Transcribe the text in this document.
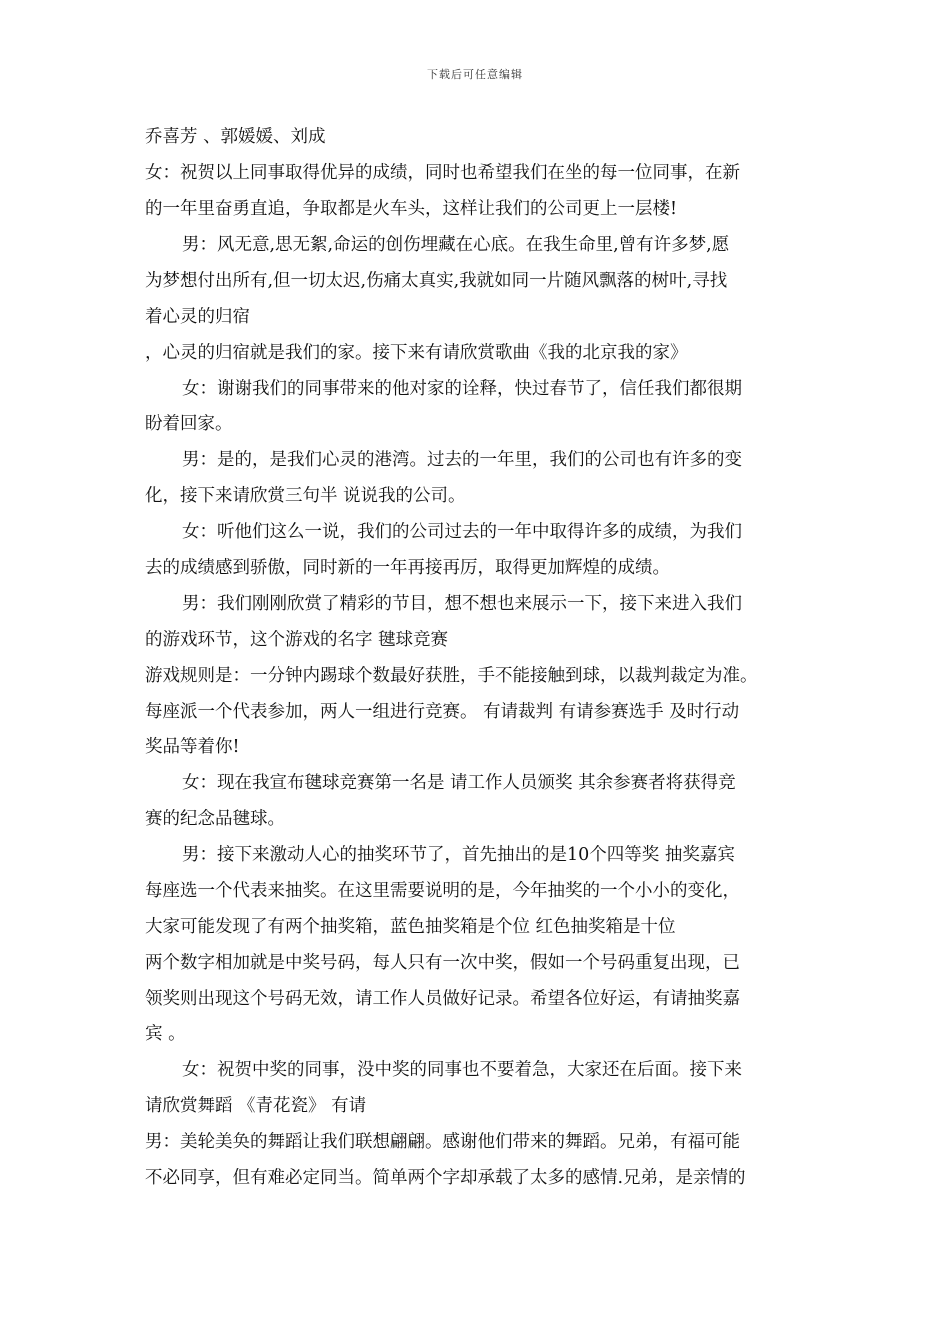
下载后可任意编辑
乔喜芳 、郭媛媛、刘成
女：祝贺以上同事取得优异的成绩，同时也希望我们在坐的每一位同事，在新
的一年里奋勇直追，争取都是火车头，这样让我们的公司更上一层楼!
男：风无意,思无絮,命运的创伤埋藏在心底。在我生命里,曾有许多梦,愿
为梦想付出所有,但一切太迟,伤痛太真实,我就如同一片随风飘落的树叶,寻找
着心灵的归宿
，心灵的归宿就是我们的家。接下来有请欣赏歌曲《我的北京我的家》
女：谢谢我们的同事带来的他对家的诠释，快过春节了，信任我们都很期
盼着回家。
男：是的，是我们心灵的港湾。过去的一年里，我们的公司也有许多的变
化，接下来请欣赏三句半 说说我的公司。
女：听他们这么一说，我们的公司过去的一年中取得许多的成绩，为我们
去的成绩感到骄傲，同时新的一年再接再厉，取得更加辉煌的成绩。
男：我们刚刚欣赏了精彩的节目，想不想也来展示一下，接下来进入我们
的游戏环节，这个游戏的名字 毽球竞赛
游戏规则是：一分钟内踢球个数最好获胜，手不能接触到球，以裁判裁定为准。
每座派一个代表参加，两人一组进行竞赛。 有请裁判 有请参赛选手 及时行动
奖品等着你!
女：现在我宣布毽球竞赛第一名是 请工作人员颁奖 其余参赛者将获得竞
赛的纪念品毽球。
男：接下来激动人心的抽奖环节了，首先抽出的是10个四等奖 抽奖嘉宾
每座选一个代表来抽奖。在这里需要说明的是，今年抽奖的一个小小的变化，
大家可能发现了有两个抽奖箱，蓝色抽奖箱是个位 红色抽奖箱是十位
两个数字相加就是中奖号码，每人只有一次中奖，假如一个号码重复出现，已
领奖则出现这个号码无效，请工作人员做好记录。希望各位好运，有请抽奖嘉
宾 。
女：祝贺中奖的同事，没中奖的同事也不要着急，大家还在后面。接下来
请欣赏舞蹈 《青花瓷》 有请
男：美轮美奂的舞蹈让我们联想翩翩。感谢他们带来的舞蹈。兄弟，有福可能
不必同享，但有难必定同当。简单两个字却承载了太多的感情.兄弟，是亲情的
